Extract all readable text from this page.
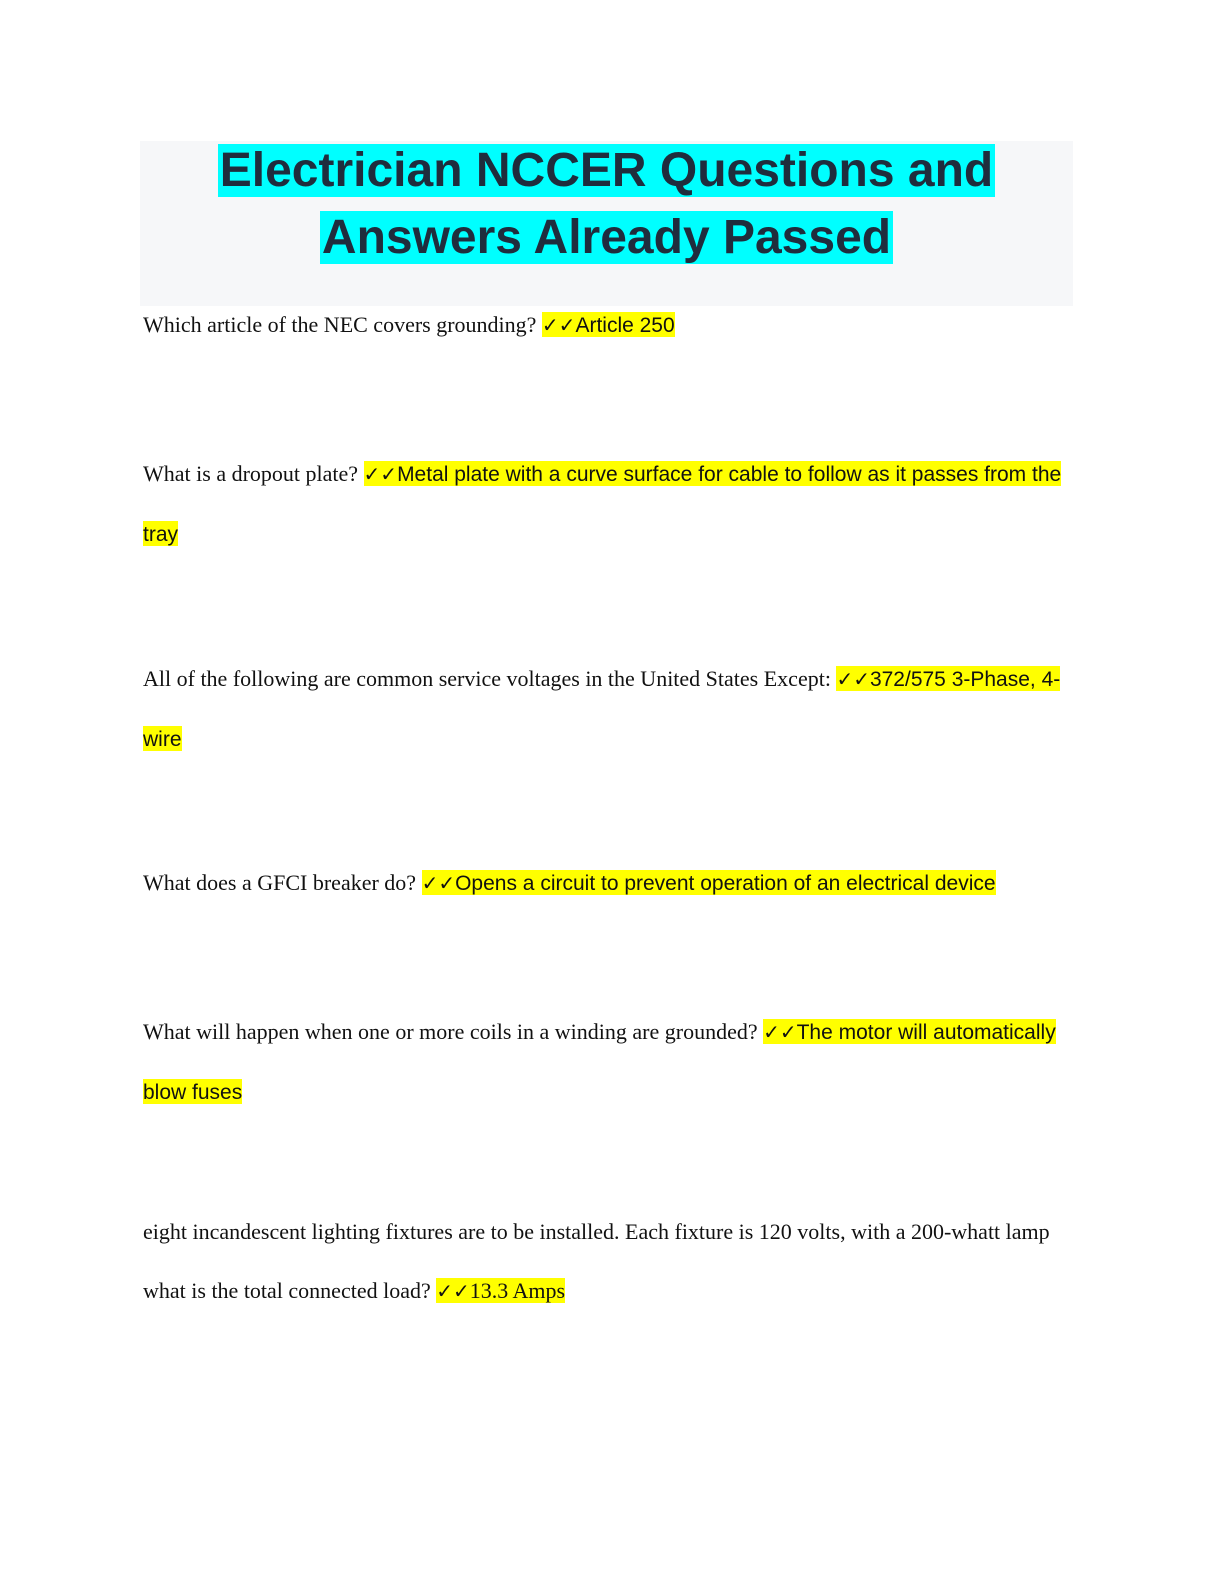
Electrician NCCER Questions and Answers Already Passed
Which article of the NEC covers grounding? ✓✓Article 250
What is a dropout plate? ✓✓Metal plate with a curve surface for cable to follow as it passes from the tray
All of the following are common service voltages in the United States Except: ✓✓372/575 3-Phase, 4-wire
What does a GFCI breaker do? ✓✓Opens a circuit to prevent operation of an electrical device
What will happen when one or more coils in a winding are grounded? ✓✓The motor will automatically blow fuses
eight incandescent lighting fixtures are to be installed. Each fixture is 120 volts, with a 200-whatt lamp what is the total connected load? ✓✓13.3 Amps
